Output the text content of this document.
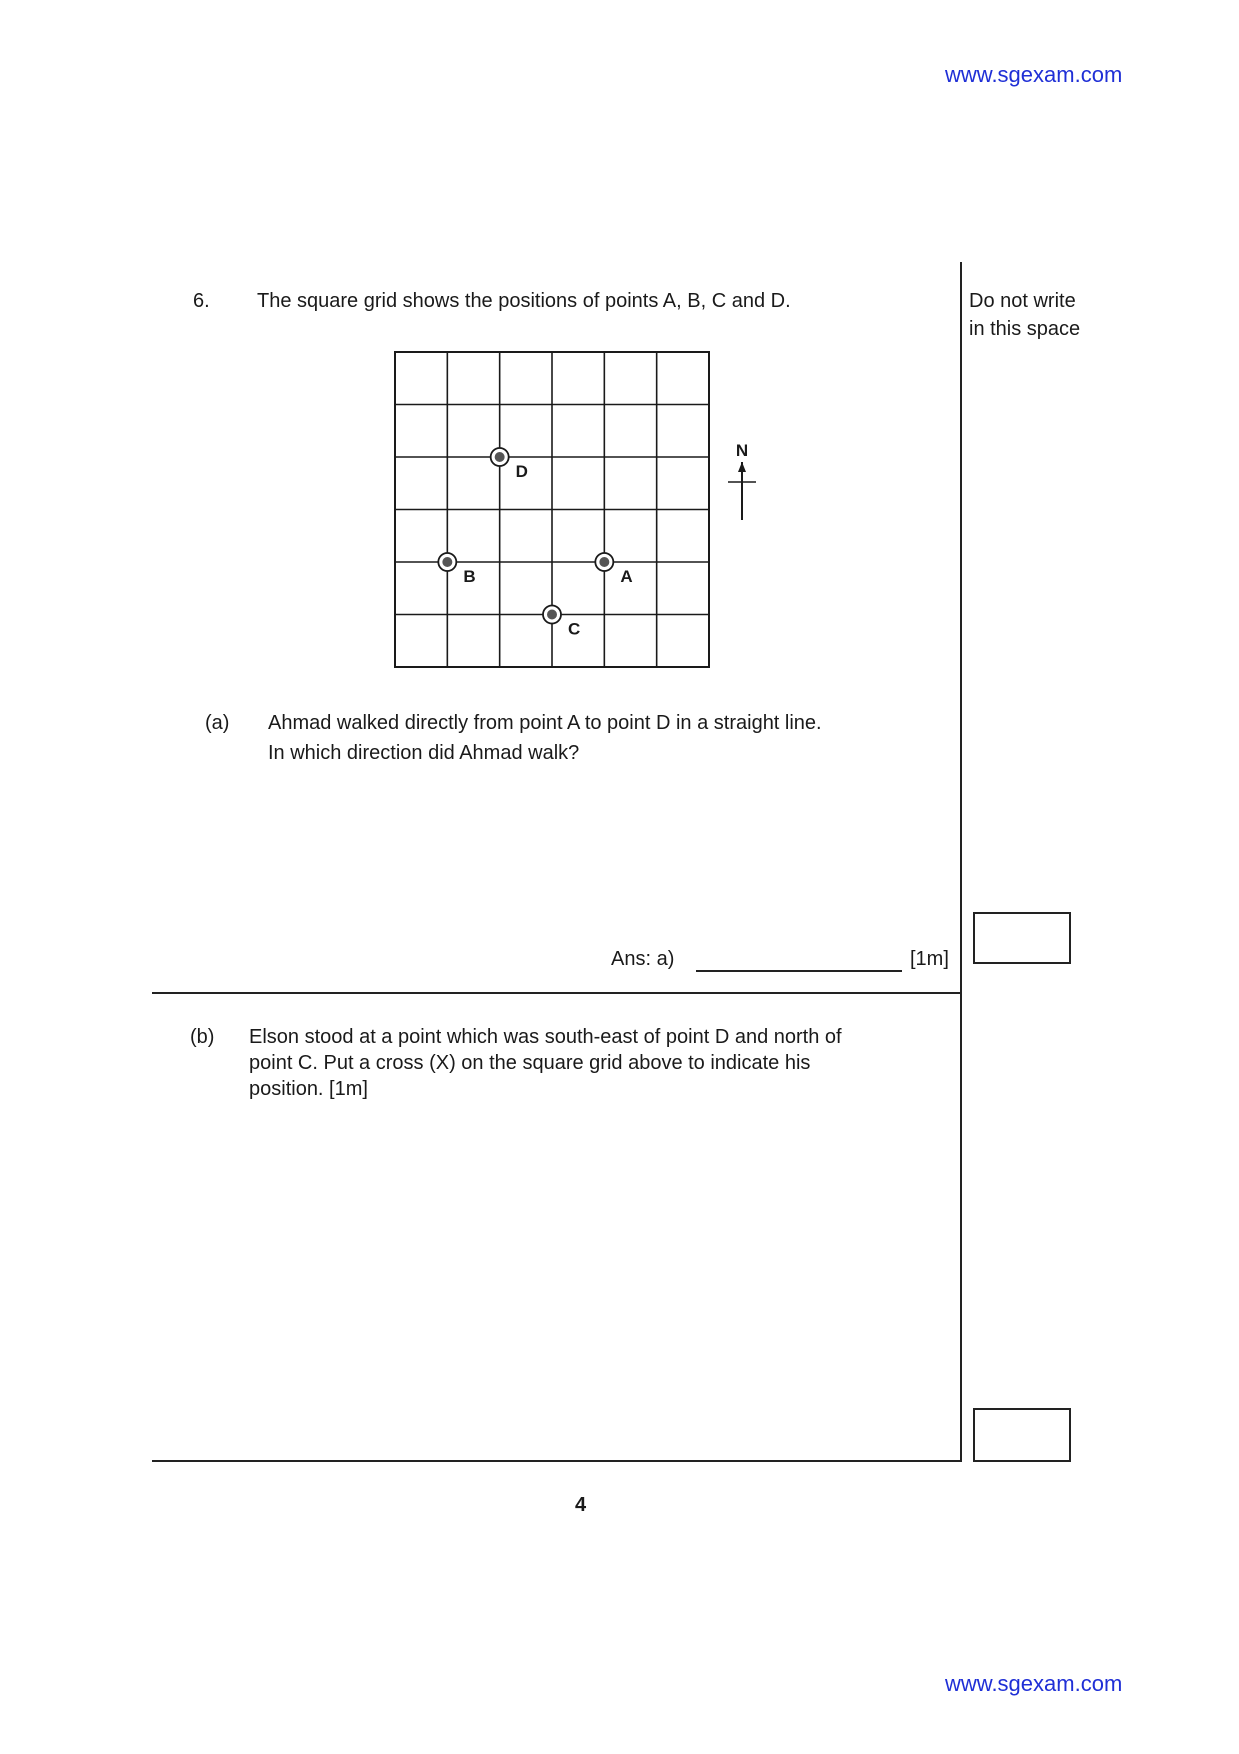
www.sgexam.com
Do not write
in this space
6. The square grid shows the positions of points A, B, C and D.
A
B
C
D
N
(a) Ahmad walked directly from point A to point D in a straight line.
In which direction did Ahmad walk?
Ans: a)	[1m]
(b) Elson stood at a point which was south-east of point D and north of
point C. Put a cross (X) on the square grid above to indicate his
position. [1m]
4
www.sgexam.com
